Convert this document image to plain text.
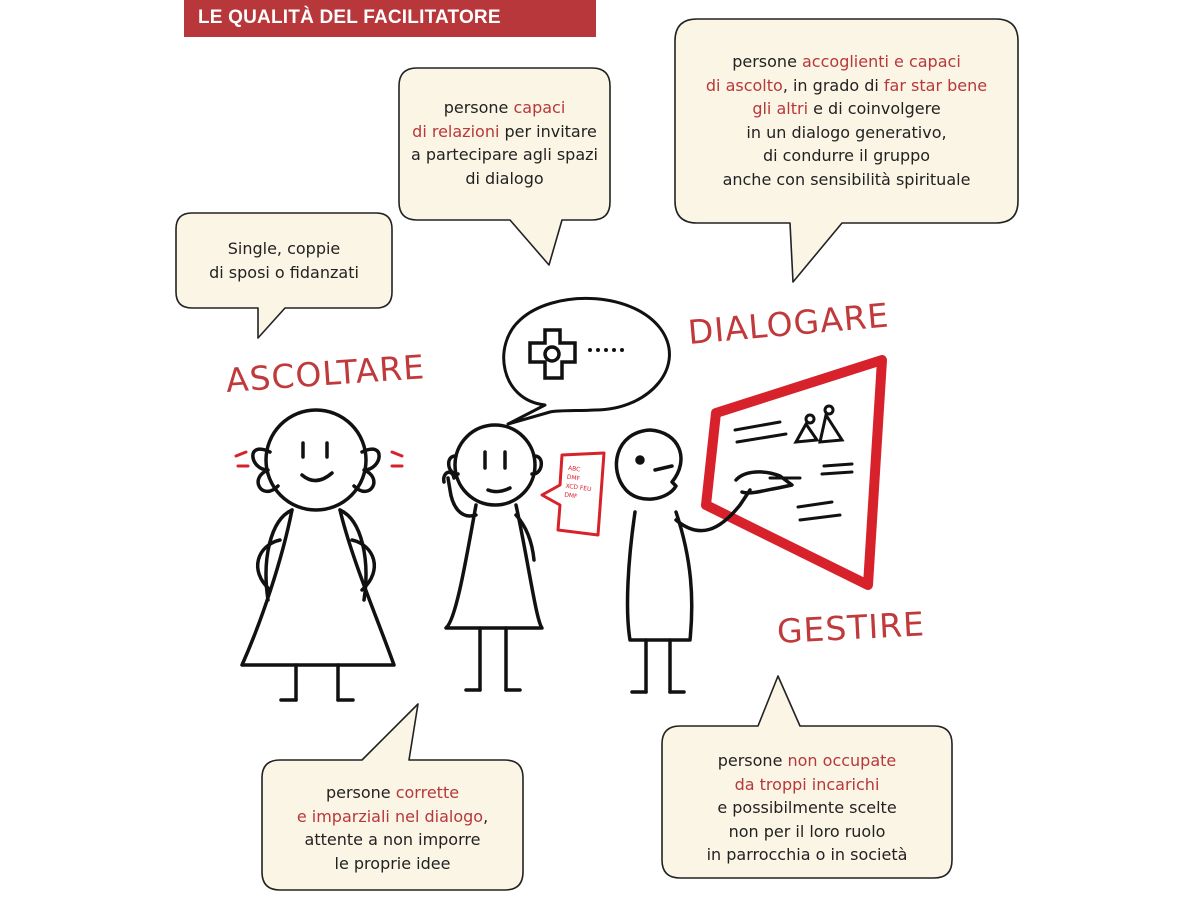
LE QUALITÀ DEL FACILITATORE
ABC
DMF
XCD FEU
DMF
Single, coppie
di sposi o fidanzati
persone capaci
di relazioni per invitare
a partecipare agli spazi
di dialogo
persone accoglienti e capaci
di ascolto, in grado di far star bene
gli altri e di coinvolgere
in un dialogo generativo,
di condurre il gruppo
anche con sensibilità spirituale
persone corrette
e imparziali nel dialogo,
attente a non imporre
le proprie idee
persone non occupate
da troppi incarichi
e possibilmente scelte
non per il loro ruolo
in parrocchia o in società
ASCOLTARE
DIALOGARE
GESTIRE
